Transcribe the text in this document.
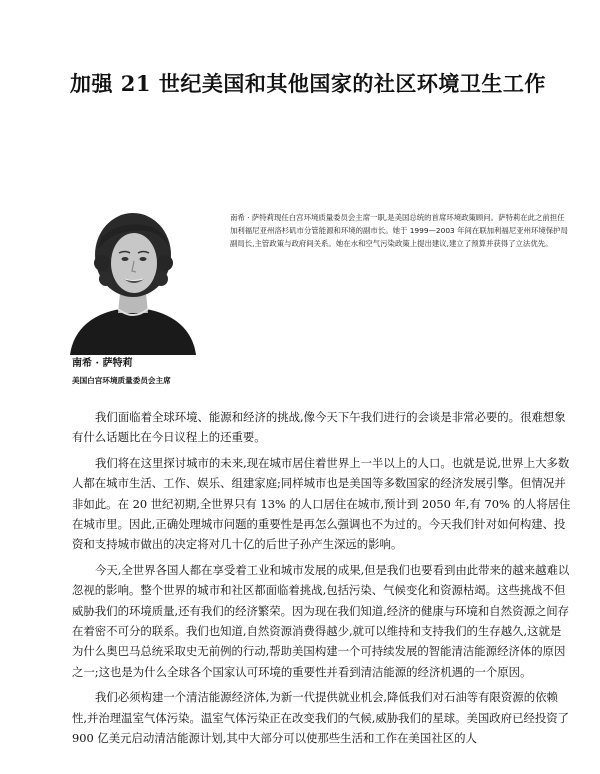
加强 21 世纪美国和其他国家的社区环境卫生工作
南希 · 萨特莉现任白宫环境质量委员会主席一职,是美国总统的首席环境政策顾问。萨特莉在此之前担任加利福尼亚州洛杉矶市分管能源和环境的副市长。她于 1999—2003 年间在联加利福尼亚州环境保护局副局长,主管政策与政府间关系。她在水和空气污染政策上提出建议,建立了预算并获得了立法优先。
南希 · 萨特莉
美国白宫环境质量委员会主席

我们面临着全球环境、能源和经济的挑战,像今天下午我们进行的会谈是非常必要的。很难想象有什么话题比在今日议程上的还重要。

我们将在这里探讨城市的未来,现在城市居住着世界上一半以上的人口。也就是说,世界上大多数人都在城市生活、工作、娱乐、组建家庭;同样城市也是美国等多数国家的经济发展引擎。但情况并非如此。在 20 世纪初期,全世界只有 13% 的人口居住在城市,预计到 2050 年,有 70% 的人将居住在城市里。因此,正确处理城市问题的重要性是再怎么强调也不为过的。今天我们针对如何构建、投资和支持城市做出的决定将对几十亿的后世子孙产生深远的影响。

今天,全世界各国人都在享受着工业和城市发展的成果,但是我们也要看到由此带来的越来越难以忽视的影响。整个世界的城市和社区都面临着挑战,包括污染、气候变化和资源枯竭。这些挑战不但威胁我们的环境质量,还有我们的经济繁荣。因为现在我们知道,经济的健康与环境和自然资源之间存在着密不可分的联系。我们也知道,自然资源消费得越少,就可以维持和支持我们的生存越久,这就是为什么奥巴马总统采取史无前例的行动,帮助美国构建一个可持续发展的智能清洁能源经济体的原因之一;这也是为什么全球各个国家认可环境的重要性并看到清洁能源的经济机遇的一个原因。

我们必须构建一个清洁能源经济体,为新一代提供就业机会,降低我们对石油等有限资源的依赖性,并治理温室气体污染。温室气体污染正在改变我们的气候,威胁我们的星球。美国政府已经投资了 900 亿美元启动清洁能源计划,其中大部分可以使那些生活和工作在美国社区的人
